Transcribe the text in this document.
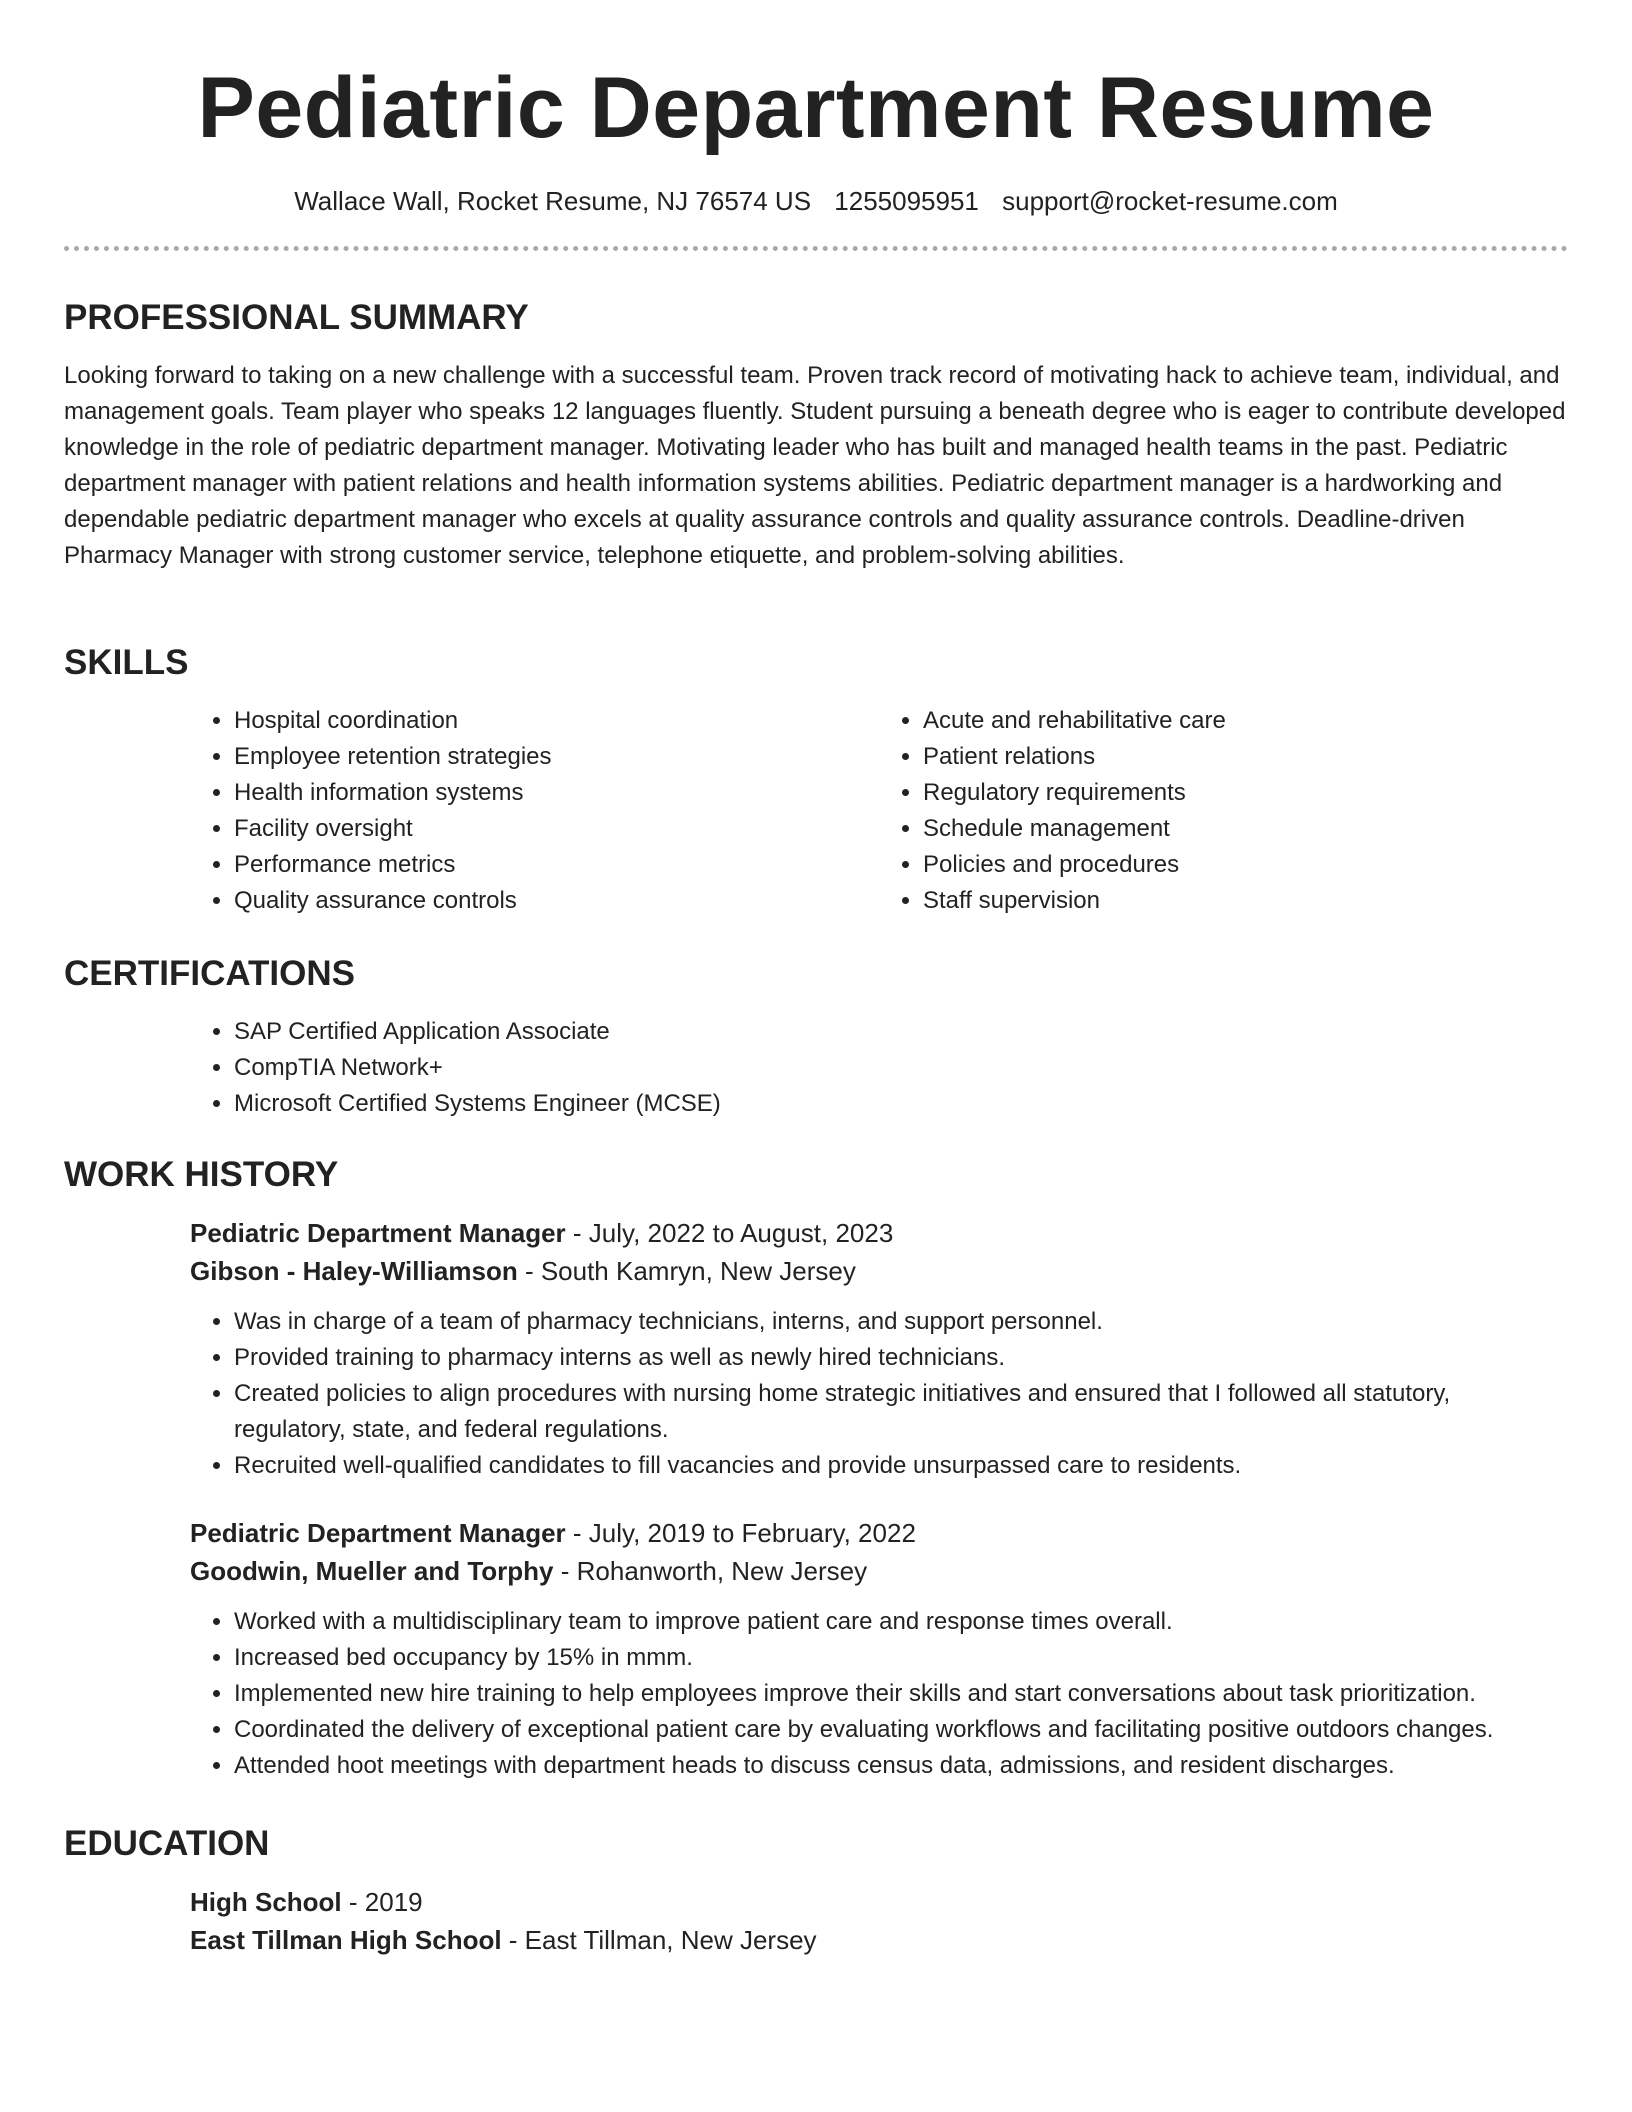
Pediatric Department Resume
Wallace Wall, Rocket Resume, NJ 76574 US 1255095951 support@rocket-resume.com
PROFESSIONAL SUMMARY

Looking forward to taking on a new challenge with a successful team. Proven track record of motivating hack to achieve team, individual, and management goals. Team player who speaks 12 languages fluently. Student pursuing a beneath degree who is eager to contribute developed knowledge in the role of pediatric department manager. Motivating leader who has built and managed health teams in the past. Pediatric department manager with patient relations and health information systems abilities. Pediatric department manager is a hardworking and dependable pediatric department manager who excels at quality assurance controls and quality assurance controls. Deadline-driven Pharmacy Manager with strong customer service, telephone etiquette, and problem-solving abilities.

SKILLS
• Hospital coordination
• Employee retention strategies
• Health information systems
• Facility oversight
• Performance metrics
• Quality assurance controls
• Acute and rehabilitative care
• Patient relations
• Regulatory requirements
• Schedule management
• Policies and procedures
• Staff supervision
CERTIFICATIONS
• SAP Certified Application Associate
• CompTIA Network+
• Microsoft Certified Systems Engineer (MCSE)
WORK HISTORY

Pediatric Department Manager - July, 2022 to August, 2023

Gibson - Haley-Williamson - South Kamryn, New Jersey

• Was in charge of a team of pharmacy technicians, interns, and support personnel.
• Provided training to pharmacy interns as well as newly hired technicians.
• Created policies to align procedures with nursing home strategic initiatives and ensured that I followed all statutory, regulatory, state, and federal regulations.
• Recruited well-qualified candidates to fill vacancies and provide unsurpassed care to residents.

Pediatric Department Manager - July, 2019 to February, 2022

Goodwin, Mueller and Torphy - Rohanworth, New Jersey

• Worked with a multidisciplinary team to improve patient care and response times overall.
• Increased bed occupancy by 15% in mmm.
• Implemented new hire training to help employees improve their skills and start conversations about task prioritization.
• Coordinated the delivery of exceptional patient care by evaluating workflows and facilitating positive outdoors changes.
• Attended hoot meetings with department heads to discuss census data, admissions, and resident discharges.
EDUCATION

High School - 2019

East Tillman High School - East Tillman, New Jersey
